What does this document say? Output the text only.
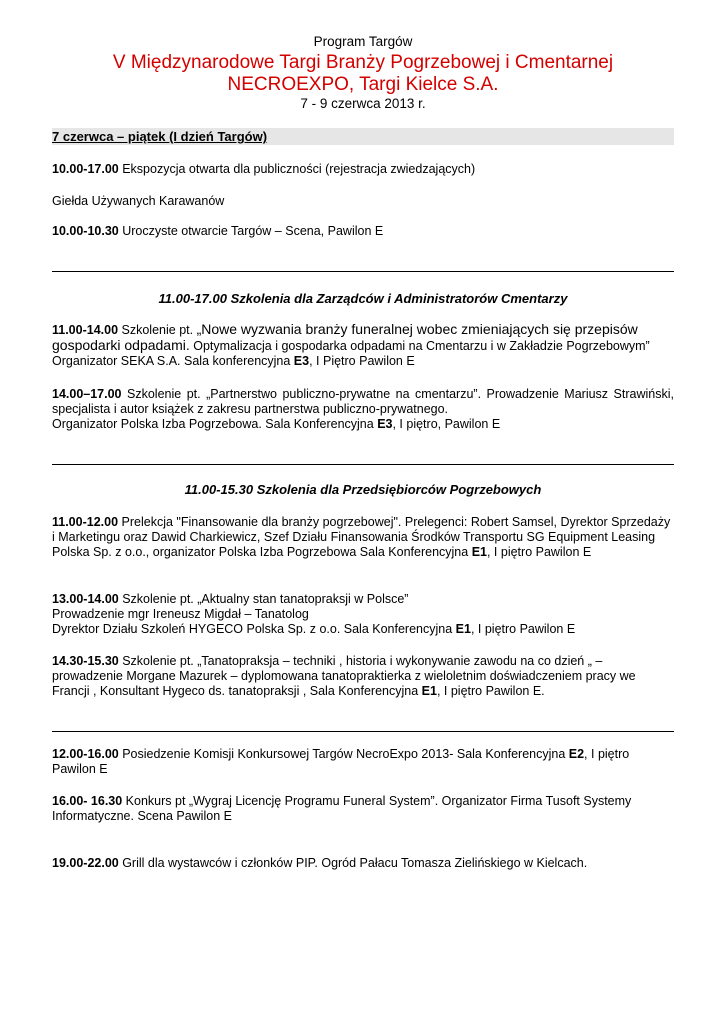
Program Targów
V Międzynarodowe Targi Branży Pogrzebowej i Cmentarnej
NECROEXPO, Targi Kielce S.A.
7 - 9 czerwca 2013 r.
7 czerwca – piątek (I dzień Targów)
10.00-17.00 Ekspozycja otwarta dla publiczności (rejestracja zwiedzających)
Giełda Używanych Karawanów
10.00-10.30 Uroczyste otwarcie Targów – Scena, Pawilon E
11.00-17.00 Szkolenia dla Zarządców i Administratorów Cmentarzy
11.00-14.00 Szkolenie pt. „Nowe wyzwania branży funeralnej wobec zmieniających się przepisów gospodarki odpadami. Optymalizacja i gospodarka odpadami na Cmentarzu i w Zakładzie Pogrzebowym” Organizator SEKA S.A. Sala konferencyjna E3, I Piętro Pawilon E
14.00–17.00 Szkolenie pt. „Partnerstwo publiczno-prywatne na cmentarzu”. Prowadzenie Mariusz Strawiński, specjalista i autor książek z zakresu partnerstwa publiczno-prywatnego.
Organizator Polska Izba Pogrzebowa. Sala Konferencyjna E3, I piętro, Pawilon E
11.00-15.30 Szkolenia dla Przedsiębiorców Pogrzebowych
11.00-12.00 Prelekcja "Finansowanie dla branży pogrzebowej". Prelegenci: Robert Samsel, Dyrektor Sprzedaży i Marketingu oraz Dawid Charkiewicz, Szef Działu Finansowania Środków Transportu SG Equipment Leasing Polska Sp. z o.o., organizator Polska Izba Pogrzebowa Sala Konferencyjna E1, I piętro Pawilon E
13.00-14.00 Szkolenie pt. „Aktualny stan tanatopraksji w Polsce”
Prowadzenie mgr Ireneusz Migdał – Tanatolog
Dyrektor Działu Szkoleń HYGECO Polska Sp. z o.o. Sala Konferencyjna E1, I piętro Pawilon E
14.30-15.30 Szkolenie pt. „Tanatopraksja – techniki , historia i wykonywanie zawodu na co dzień „ – prowadzenie Morgane Mazurek – dyplomowana tanatopraktierka z wieloletnim doświadczeniem pracy we Francji , Konsultant Hygeco ds. tanatopraksji , Sala Konferencyjna E1, I piętro Pawilon E.
12.00-16.00 Posiedzenie Komisji Konkursowej Targów NecroExpo 2013- Sala Konferencyjna E2, I piętro Pawilon E
16.00- 16.30 Konkurs pt „Wygraj Licencję Programu Funeral System”. Organizator Firma Tusoft Systemy Informatyczne. Scena Pawilon E
19.00-22.00 Grill dla wystawców i członków PIP. Ogród Pałacu Tomasza Zielińskiego w Kielcach.
